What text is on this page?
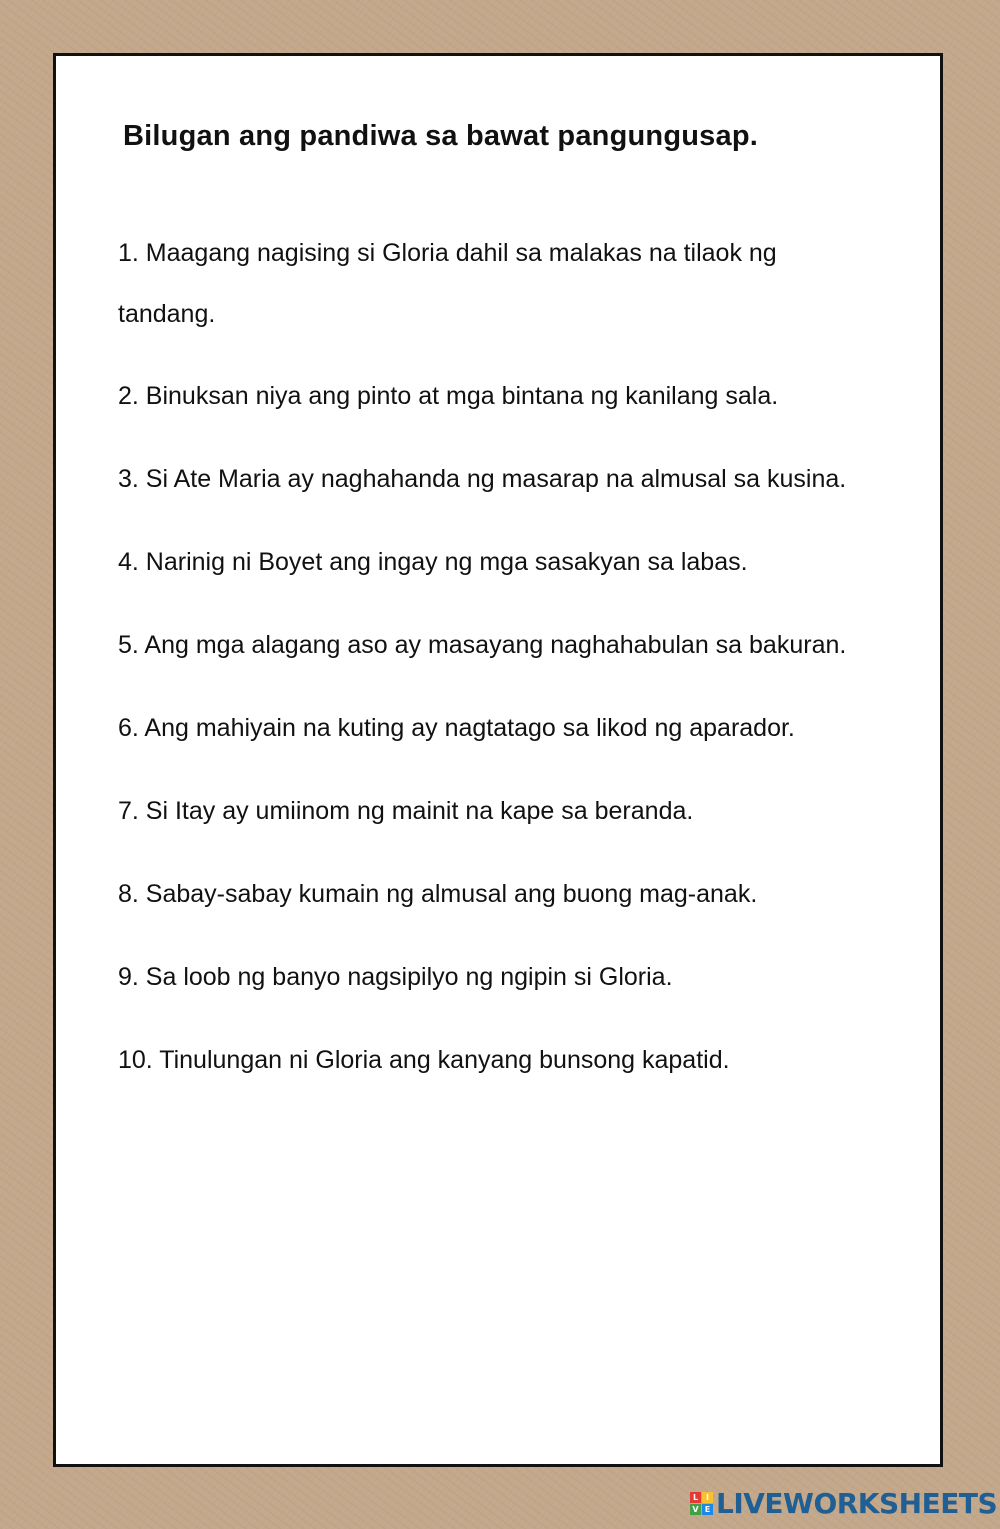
Bilugan ang pandiwa sa bawat pangungusap.

1. Maagang nagising si Gloria dahil sa malakas na tilaok ng

tandang.

2. Binuksan niya ang pinto at mga bintana ng kanilang sala.

3. Si Ate Maria ay naghahanda ng masarap na almusal sa kusina.

4. Narinig ni Boyet ang ingay ng mga sasakyan sa labas.

5. Ang mga alagang aso ay masayang naghahabulan sa bakuran.

6. Ang mahiyain na kuting ay nagtatago sa likod ng aparador.

7. Si Itay ay umiinom ng mainit na kape sa beranda.

8. Sabay-sabay kumain ng almusal ang buong mag-anak.

9. Sa loob ng banyo nagsipilyo ng ngipin si Gloria.

10. Tinulungan ni Gloria ang kanyang bunsong kapatid.

L I
V E LIVEWORKSHEETS
